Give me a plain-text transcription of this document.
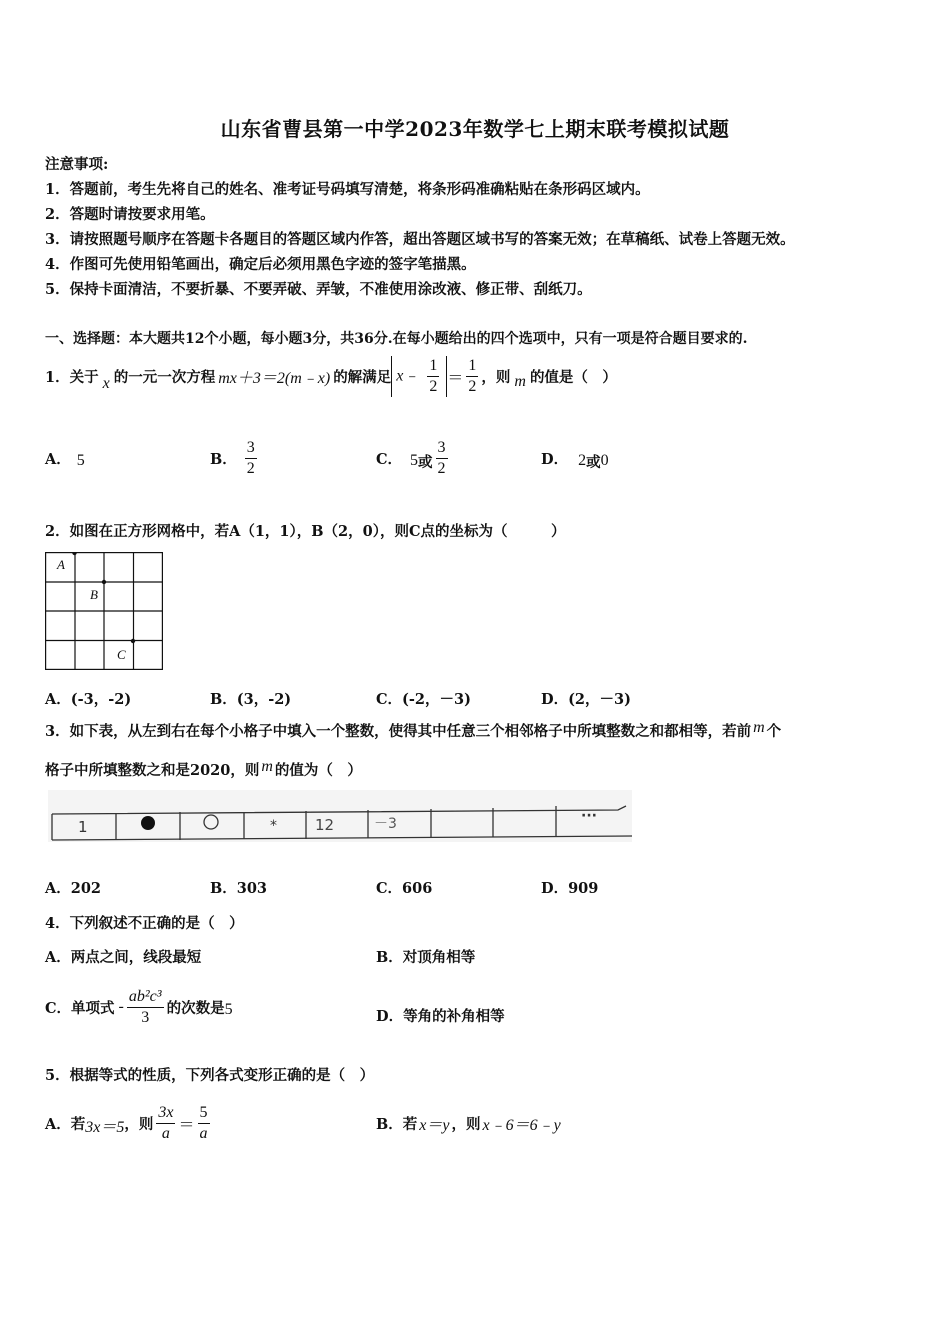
山东省曹县第一中学2023年数学七上期末联考模拟试题
注意事项:
1．答题前，考生先将自己的姓名、准考证号码填写清楚，将条形码准确粘贴在条形码区域内。
2．答题时请按要求用笔。
3．请按照题号顺序在答题卡各题目的答题区域内作答，超出答题区域书写的答案无效；在草稿纸、试卷上答题无效。
4．作图可先使用铅笔画出，确定后必须用黑色字迹的签字笔描黑。
5．保持卡面清洁，不要折暴、不要弄破、弄皱，不准使用涂改液、修正带、刮纸刀。
一、选择题：本大题共12个小题，每小题3分，共36分.在每小题给出的四个选项中，只有一项是符合题目要求的.
1．关于 x 的一元一次方程 mx＋3＝2(m﹣x) 的解满足 x﹣ $\frac{1}{2} = \frac{1}{2}$ ，则 m 的值是（　）
A． 5	B． $\frac{3}{2}$	C． 5 或 $\frac{3}{2}$	D． 2 或 0
2．如图在正方形网格中，若A（1，1），B（2，0），则C点的坐标为（　　　）
A
B
C
A．(-3，-2)	B．(3，-2)	C．(-2，－3)	D．(2，－3)
3．如下表，从左到右在每个小格子中填入一个整数，使得其中任意三个相邻格子中所填整数之和都相等，若前 m 个
格子中所填整数之和是2020，则 m 的值为（　）
1	*	12	－3	···
A．202	B．303	C．606	D．909
4．下列叙述不正确的是（　）
A．两点之间，线段最短	B．对顶角相等
C．单项式 - $\frac{\text{ab²c³}}{3}$ 的次数是 5	D．等角的补角相等
5．根据等式的性质，下列各式变形正确的是（　）
A．若 3x＝5 ，则 $\frac{3x}{a} = \frac{5}{a}$	B．若 x＝y ，则 x﹣6＝6﹣y
